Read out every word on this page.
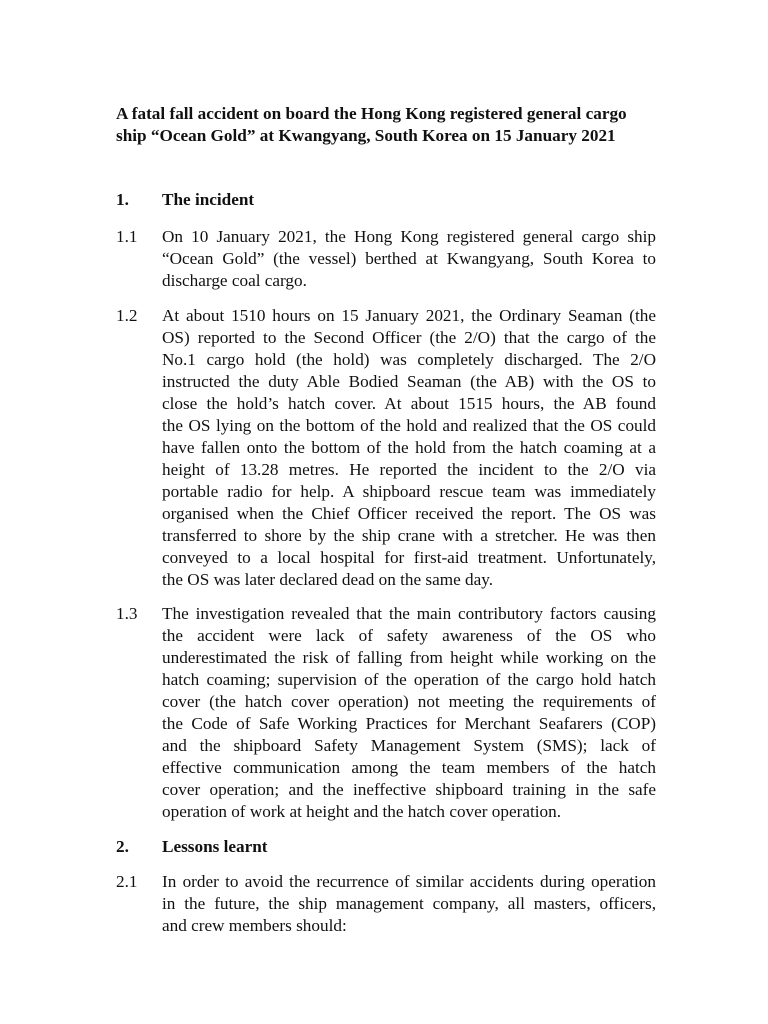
A fatal fall accident on board the Hong Kong registered general cargo
ship “Ocean Gold” at Kwangyang, South Korea on 15 January 2021
1. The incident
1.1	On 10 January 2021, the Hong Kong registered general cargo ship
“Ocean Gold” (the vessel) berthed at Kwangyang, South Korea to
discharge coal cargo.
1.2	At about 1510 hours on 15 January 2021, the Ordinary Seaman (the
OS) reported to the Second Officer (the 2/O) that the cargo of the
No.1 cargo hold (the hold) was completely discharged. The 2/O
instructed the duty Able Bodied Seaman (the AB) with the OS to
close the hold’s hatch cover. At about 1515 hours, the AB found
the OS lying on the bottom of the hold and realized that the OS could
have fallen onto the bottom of the hold from the hatch coaming at a
height of 13.28 metres. He reported the incident to the 2/O via
portable radio for help. A shipboard rescue team was immediately
organised when the Chief Officer received the report. The OS was
transferred to shore by the ship crane with a stretcher. He was then
conveyed to a local hospital for first-aid treatment. Unfortunately,
the OS was later declared dead on the same day.
1.3	The investigation revealed that the main contributory factors causing
the accident were lack of safety awareness of the OS who
underestimated the risk of falling from height while working on the
hatch coaming; supervision of the operation of the cargo hold hatch
cover (the hatch cover operation) not meeting the requirements of
the Code of Safe Working Practices for Merchant Seafarers (COP)
and the shipboard Safety Management System (SMS); lack of
effective communication among the team members of the hatch
cover operation; and the ineffective shipboard training in the safe
operation of work at height and the hatch cover operation.
2. Lessons learnt
2.1	In order to avoid the recurrence of similar accidents during operation
in the future, the ship management company, all masters, officers,
and crew members should:
